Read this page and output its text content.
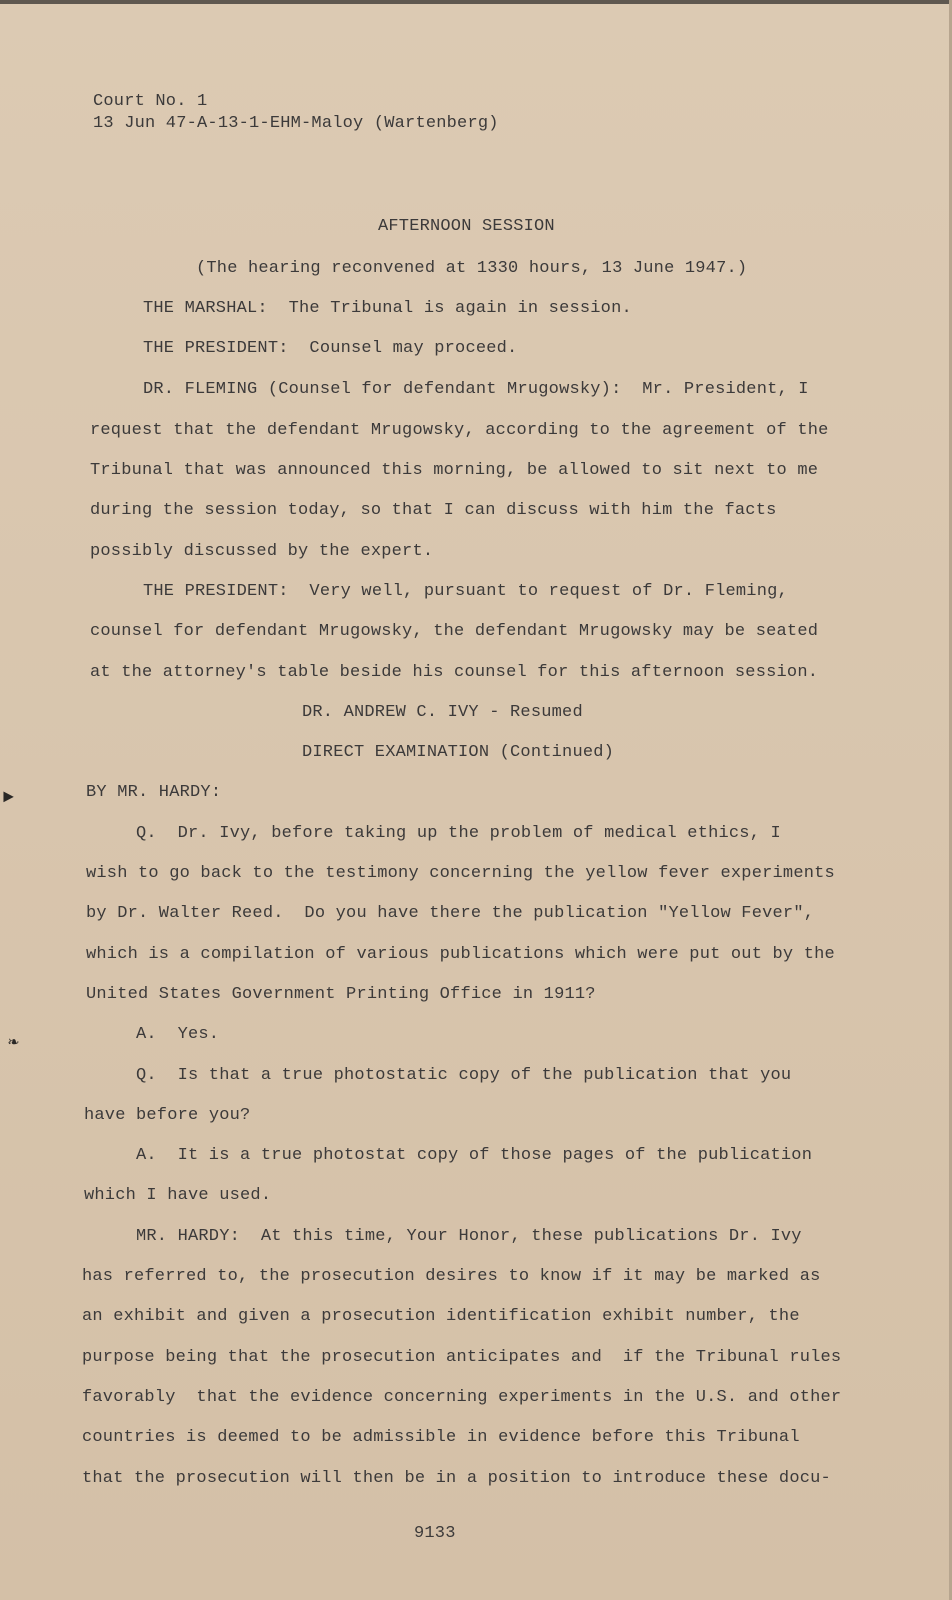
Court No. 1
13 Jun 47-A-13-1-EHM-Maloy (Wartenberg)
AFTERNOON SESSION
(The hearing reconvened at 1330 hours, 13 June 1947.)
THE MARSHAL:  The Tribunal is again in session.
THE PRESIDENT:  Counsel may proceed.
DR. FLEMING (Counsel for defendant Mrugowsky):  Mr. President, I
request that the defendant Mrugowsky, according to the agreement of the
Tribunal that was announced this morning, be allowed to sit next to me
during the session today, so that I can discuss with him the facts
possibly discussed by the expert.
THE PRESIDENT:  Very well, pursuant to request of Dr. Fleming,
counsel for defendant Mrugowsky, the defendant Mrugowsky may be seated
at the attorney's table beside his counsel for this afternoon session.
DR. ANDREW C. IVY - Resumed
DIRECT EXAMINATION (Continued)
BY MR. HARDY:
Q.  Dr. Ivy, before taking up the problem of medical ethics, I
wish to go back to the testimony concerning the yellow fever experiments
by Dr. Walter Reed.  Do you have there the publication "Yellow Fever",
which is a compilation of various publications which were put out by the
United States Government Printing Office in 1911?
A.  Yes.
Q.  Is that a true photostatic copy of the publication that you
have before you?
A.  It is a true photostat copy of those pages of the publication
which I have used.
MR. HARDY:  At this time, Your Honor, these publications Dr. Ivy
has referred to, the prosecution desires to know if it may be marked as
an exhibit and given a prosecution identification exhibit number, the
purpose being that the prosecution anticipates and  if the Tribunal rules
favorably  that the evidence concerning experiments in the U.S. and other
countries is deemed to be admissible in evidence before this Tribunal
that the prosecution will then be in a position to introduce these docu-
9133
►
❧
